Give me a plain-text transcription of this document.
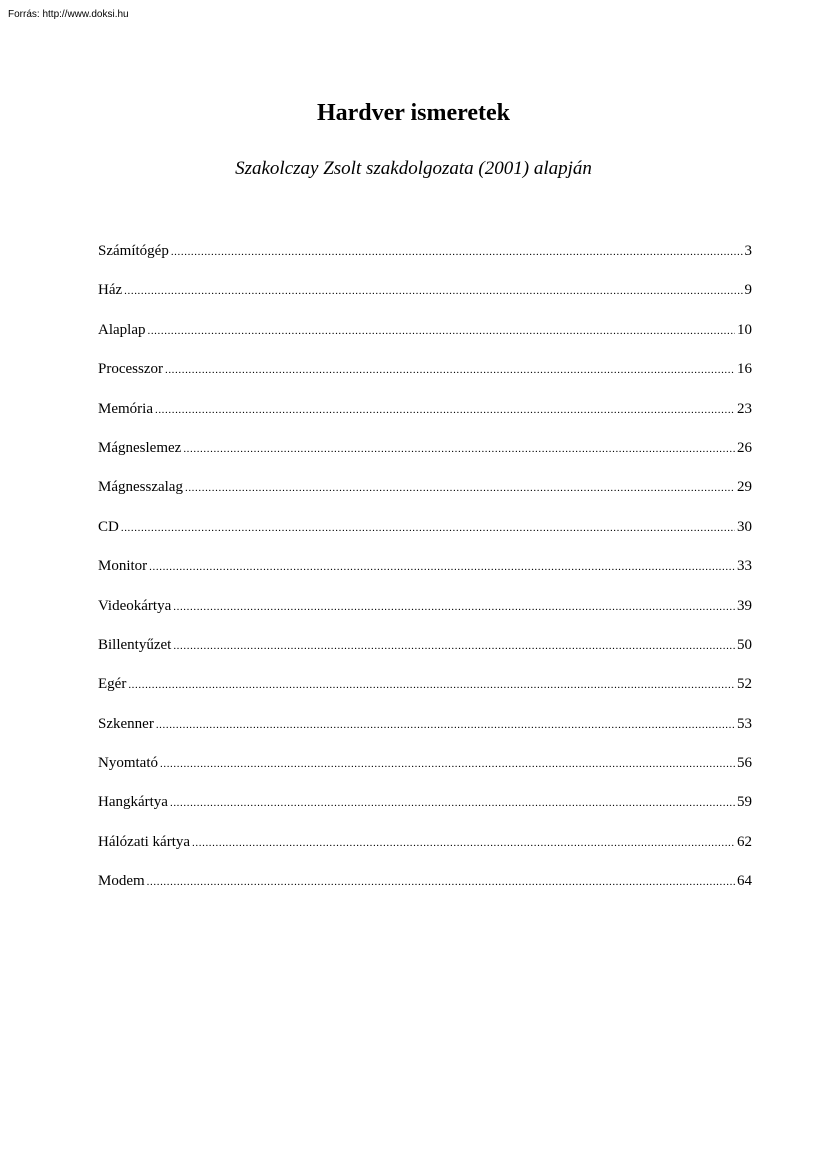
Forrás: http://www.doksi.hu
Hardver ismeretek

Szakolczay Zsolt szakdolgozata (2001) alapján

Számítógép .....	3
Ház .....	9
Alaplap .....	10
Processzor .....	16
Memória .....	23
Mágneslemez .....	26
Mágnesszalag .....	29
CD .....	30
Monitor .....	33
Videokártya .....	39
Billentyűzet .....	50
Egér .....	52
Szkenner .....	53
Nyomtató .....	56
Hangkártya .....	59
Hálózati kártya .....	62
Modem .....	64
